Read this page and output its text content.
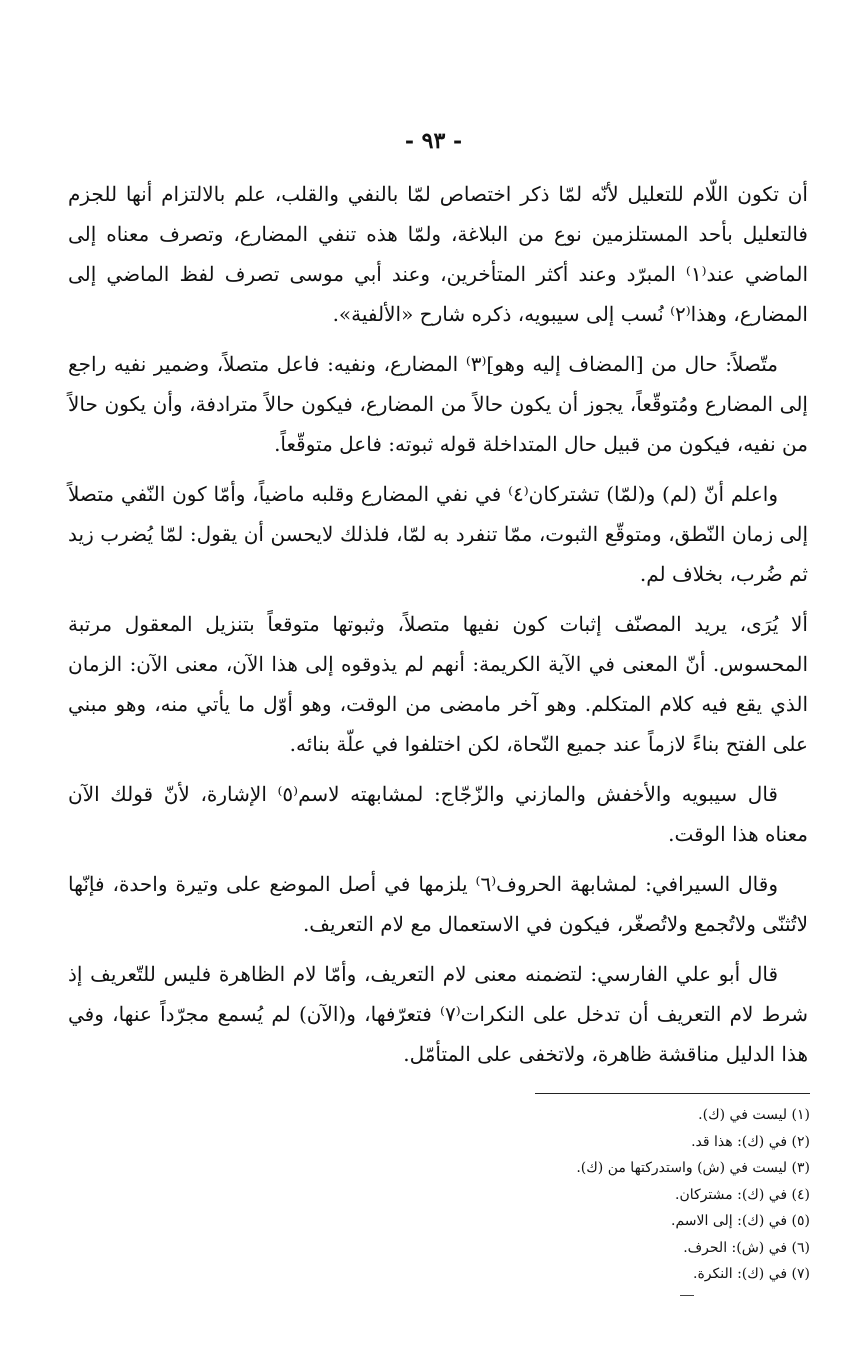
- ٩٣ -

أن تكون اللّام للتعليل لأنّه لمّا ذكر اختصاص لمّا بالنفي والقلب، علم بالالتزام أنها للجزم فالتعليل بأحد المستلزمين نوع من البلاغة، ولمّا هذه تنفي المضارع، وتصرف معناه إلى الماضي عند⁽١⁾ المبرّد وعند أكثر المتأخرين، وعند أبي موسى تصرف لفظ الماضي إلى المضارع، وهذا⁽٢⁾ نُسب إلى سيبويه، ذكره شارح «الألفية».

متّصلاً: حال من [المضاف إليه وهو]⁽٣⁾ المضارع، ونفيه: فاعل متصلاً، وضمير نفيه راجع إلى المضارع ومُتوقّعاً، يجوز أن يكون حالاً من المضارع، فيكون حالاً مترادفة، وأن يكون حالاً من نفيه، فيكون من قبيل حال المتداخلة قوله ثبوته: فاعل متوقّعاً.

واعلم أنّ (لم) و(لمّا) تشتركان⁽٤⁾ في نفي المضارع وقلبه ماضياً، وأمّا كون النّفي متصلاً إلى زمان النّطق، ومتوقّع الثبوت، ممّا تنفرد به لمّا، فلذلك لايحسن أن يقول: لمّا يُضرب زيد ثم ضُرب، بخلاف لم.

ألا يُرَى، يريد المصنّف إثبات كون نفيها متصلاً، وثبوتها متوقعاً بتنزيل المعقول مرتبة المحسوس. أنّ المعنى في الآية الكريمة: أنهم لم يذوقوه إلى هذا الآن، معنى الآن: الزمان الذي يقع فيه كلام المتكلم. وهو آخر مامضى من الوقت، وهو أوّل ما يأتي منه، وهو مبني على الفتح بناءً لازماً عند جميع النّحاة، لكن اختلفوا في علّة بنائه.

قال سيبويه والأخفش والمازني والزّجّاج: لمشابهته لاسم⁽٥⁾ الإشارة، لأنّ قولك الآن معناه هذا الوقت.

وقال السيرافي: لمشابهة الحروف⁽٦⁾ يلزمها في أصل الموضع على وتيرة واحدة، فإنّها لاتُثنّى ولاتُجمع ولاتُصغّر، فيكون في الاستعمال مع لام التعريف.

قال أبو علي الفارسي: لتضمنه معنى لام التعريف، وأمّا لام الظاهرة فليس للتّعريف إذ شرط لام التعريف أن تدخل على النكرات⁽٧⁾ فتعرّفها، و(الآن) لم يُسمع مجرّداً عنها، وفي هذا الدليل مناقشة ظاهرة، ولاتخفى على المتأمّل.

(١) ليست في (ك).

(٢) في (ك): هذا قد.

(٣) ليست في (ش) واستدركتها من (ك).

(٤) في (ك): مشتركان.

(٥) في (ك): إلى الاسم.

(٦) في (ش): الحرف.

(٧) في (ك): النكرة.
